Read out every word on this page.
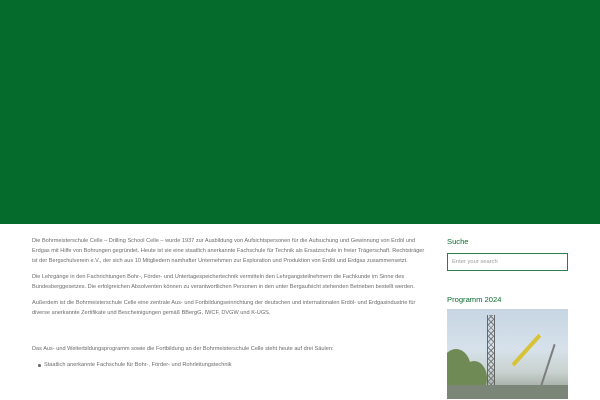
Die Bohrmeisterschule Celle – Drilling School Celle – wurde 1937 zur Ausbildung von Aufsichtspersonen für die Aufsuchung und Gewinnung von Erdöl und Erdgas mit Hilfe von Bohrungen gegründet. Heute ist sie eine staatlich anerkannte Fachschule für Technik als Ersatzschule in freier Trägerschaft. Rechtsträger ist der Bergschulverein e.V., der sich aus 10 Mitgliedern namhafter Unternehmen zur Exploration und Produktion von Erdöl und Erdgas zusammensetzt.

Die Lehrgänge in den Fachrichtungen Bohr-, Förder- und Untertagespeichertechnik vermitteln den Lehrgangsteilnehmern die Fachkunde im Sinne des Bundesberggesetzes. Die erfolgreichen Absolventen können zu verantwortlichen Personen in den unter Bergaufsicht stehenden Betrieben bestellt werden.

Außerdem ist die Bohrmeisterschule Celle eine zentrale Aus- und Fortbildungseinrichtung der deutschen und internationalen Erdöl- und Erdgasindustrie für diverse anerkannte Zertifikate und Bescheinigungen gemäß BBergG, IWCF, DVGW und K-UGS.

Das Aus- und Weiterbildungsprogramm sowie die Fortbildung an der Bohrmeisterschule Celle steht heute auf drei Säulen:

Staatlich anerkannte Fachschule für Bohr-, Förder- und Rohrleitungstechnik
Suche
Enter your search
Programm 2024
